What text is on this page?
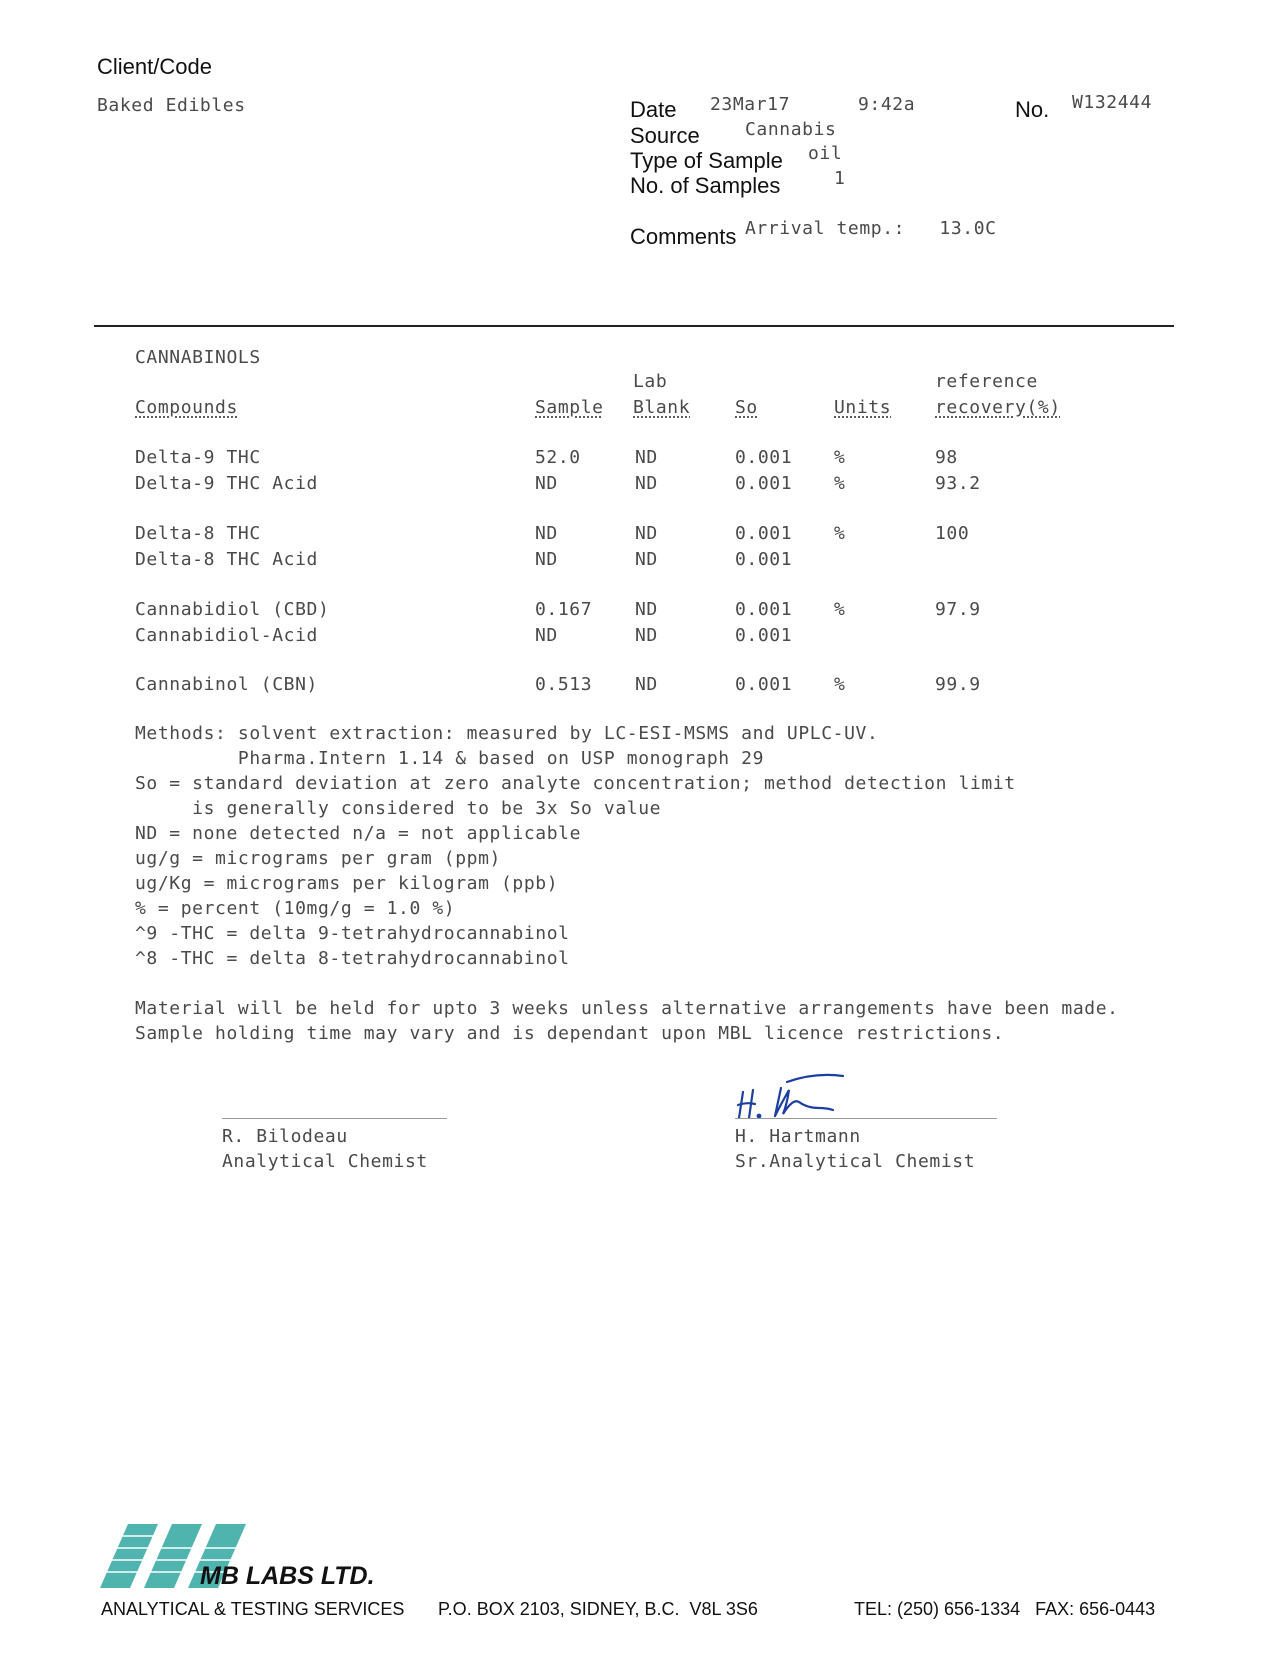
Client/Code
Baked Edibles	Date 23Mar17	9:42a	No. W132444
Source	Cannabis
Type of Sample oil
No. of Samples	1
Comments Arrival temp.:   13.0C
CANNABINOLS
Lab	reference
Compounds	Sample Blank So	Units recovery(%)
Delta-9 THC	52.0	ND	0.001 %	98
Delta-9 THC Acid	ND	ND	0.001 %	93.2
Delta-8 THC	ND	ND	0.001 %	100
Delta-8 THC Acid	ND	ND	0.001
Cannabidiol (CBD)	0.167 ND	0.001 %	97.9
Cannabidiol-Acid	ND	ND	0.001
Cannabinol (CBN)	0.513 ND	0.001 %	99.9
Methods: solvent extraction: measured by LC-ESI-MSMS and UPLC-UV.
Pharma.Intern 1.14 & based on USP monograph 29
So = standard deviation at zero analyte concentration; method detection limit
is generally considered to be 3x So value
ND = none detected n/a = not applicable
ug/g = micrograms per gram (ppm)
ug/Kg = micrograms per kilogram (ppb)
% = percent (10mg/g = 1.0 %)
^9 -THC = delta 9-tetrahydrocannabinol
^8 -THC = delta 8-tetrahydrocannabinol
Material will be held for upto 3 weeks unless alternative arrangements have been made.
Sample holding time may vary and is dependant upon MBL licence restrictions.
R. Bilodeau
Analytical Chemist
H. Hartmann
Sr.Analytical Chemist
MB LABS LTD.
ANALYTICAL & TESTING SERVICES P.O. BOX 2103, SIDNEY, B.C.  V8L 3S6	TEL: (250) 656-1334   FAX: 656-0443
